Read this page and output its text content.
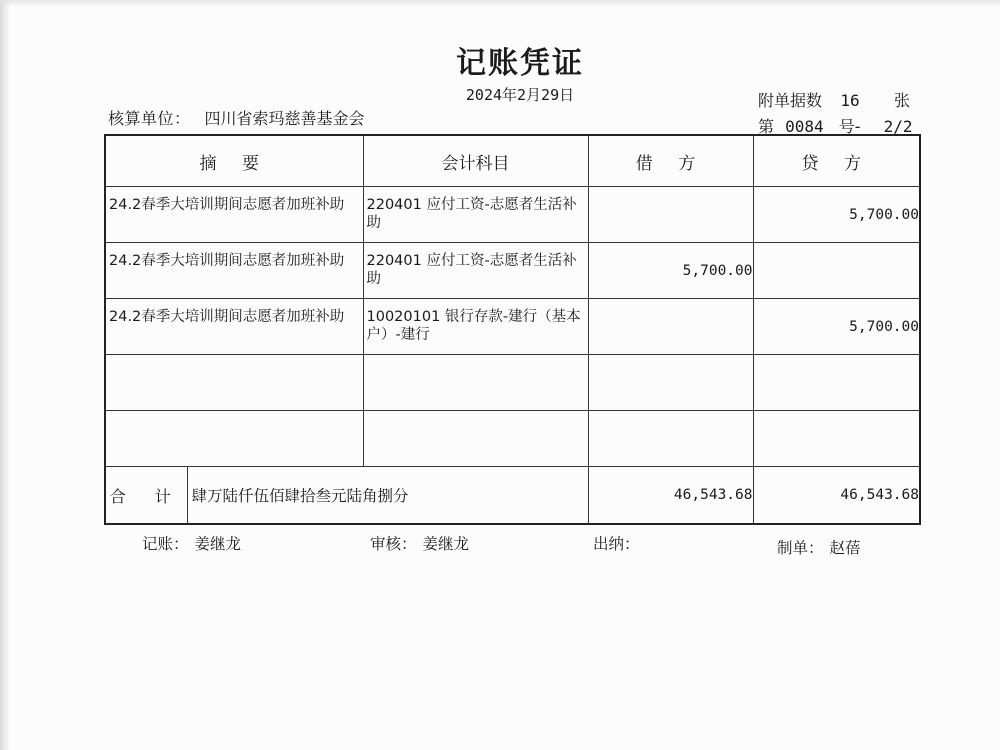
记账凭证
2024年2月29日
核算单位： 四川省索玛慈善基金会
附单据数 16 张
第 0084 号- 2/2
摘 要		会计科目	借 方	贷 方

24.2春季大培训期间志愿者加班补助		220401 应付工资-志愿者生活补助		5,700.00

24.2春季大培训期间志愿者加班补助		220401 应付工资-志愿者生活补助	5,700.00	

24.2春季大培训期间志愿者加班补助		10020101 银行存款-建行（基本户）-建行		5,700.00

合 计	肆万陆仟伍佰肆拾叁元陆角捌分		46,543.68	46,543.68
记账： 姜继龙	审核： 姜继龙	出纳：	制单： 赵蓓
